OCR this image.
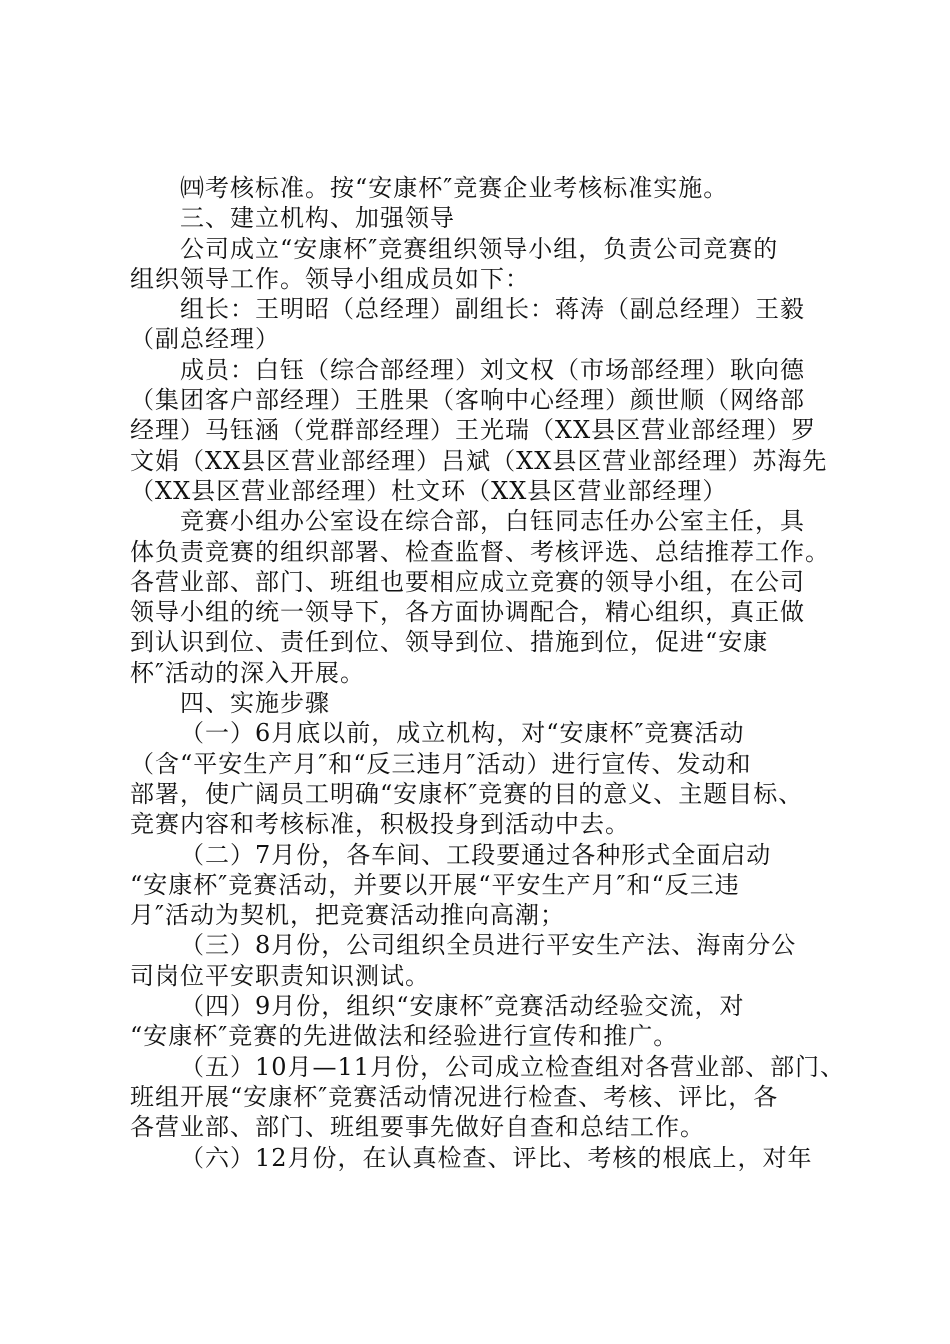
㈣考核标准。按“安康杯″竞赛企业考核标准实施。
三、建立机构、加强领导
公司成立“安康杯″竞赛组织领导小组，负责公司竞赛的
组织领导工作。领导小组成员如下：
组长：王明昭（总经理）副组长：蒋涛（副总经理）王毅
（副总经理）
成员：白钰（综合部经理）刘文权（市场部经理）耿向德
（集团客户部经理）王胜果（客响中心经理）颜世顺（网络部
经理）马钰涵（党群部经理）王光瑞（XX县区营业部经理）罗
文娟（XX县区营业部经理）吕斌（XX县区营业部经理）苏海先
（XX县区营业部经理）杜文环（XX县区营业部经理）
竞赛小组办公室设在综合部，白钰同志任办公室主任，具
体负责竞赛的组织部署、检查监督、考核评选、总结推荐工作。
各营业部、部门、班组也要相应成立竞赛的领导小组，在公司
领导小组的统一领导下，各方面协调配合，精心组织，真正做
到认识到位、责任到位、领导到位、措施到位，促进“安康
杯″活动的深入开展。
四、实施步骤
（一）6月底以前，成立机构，对“安康杯″竞赛活动
（含“平安生产月″和“反三违月″活动）进行宣传、发动和
部署，使广阔员工明确“安康杯″竞赛的目的意义、主题目标、
竞赛内容和考核标准，积极投身到活动中去。
（二）7月份，各车间、工段要通过各种形式全面启动
“安康杯″竞赛活动，并要以开展“平安生产月″和“反三违
月″活动为契机，把竞赛活动推向高潮；
（三）8月份，公司组织全员进行平安生产法、海南分公
司岗位平安职责知识测试。
（四）9月份，组织“安康杯″竞赛活动经验交流，对
“安康杯″竞赛的先进做法和经验进行宣传和推广。
（五）10月—11月份，公司成立检查组对各营业部、部门、
班组开展“安康杯″竞赛活动情况进行检查、考核、评比，各
各营业部、部门、班组要事先做好自查和总结工作。
（六）12月份，在认真检查、评比、考核的根底上，对年
